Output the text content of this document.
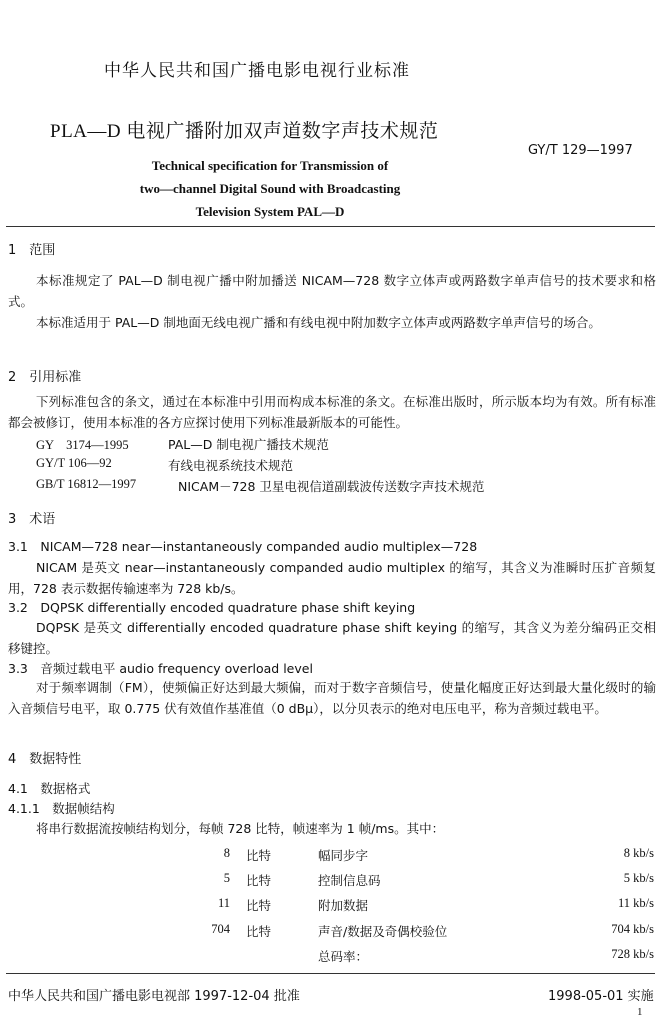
中华人民共和国广播电影电视行业标准
PLA—D 电视广播附加双声道数字声技术规范
GY/T 129—1997
Technical specification for Transmission of
two—channel Digital Sound with Broadcasting
Television System PAL—D
1　范围
本标准规定了 PAL—D 制电视广播中附加播送 NICAM—728 数字立体声或两路数字单声信号的技术要求和格式。
本标准适用于 PAL—D 制地面无线电视广播和有线电视中附加数字立体声或两路数字单声信号的场合。
2　引用标准
下列标准包含的条文，通过在本标准中引用而构成本标准的条文。在标准出版时，所示版本均为有效。所有标准都会被修订，使用本标准的各方应探讨使用下列标准最新版本的可能性。
GY　3174—1995	PAL—D 制电视广播技术规范
GY/T 106—92	有线电视系统技术规范
GB/T 16812—1997	NICAM－728 卫星电视信道副载波传送数字声技术规范
3　术语
3.1　NICAM—728 near—instantaneously companded audio multiplex—728
NICAM 是英文 near—instantaneously companded audio multiplex 的缩写，其含义为准瞬时压扩音频复用，728 表示数据传输速率为 728 kb/s。
3.2　DQPSK differentially encoded quadrature phase shift keying
DQPSK 是英文 differentially encoded quadrature phase shift keying 的缩写，其含义为差分编码正交相移键控。
3.3　音频过载电平 audio frequency overload level
对于频率调制（FM），使频偏正好达到最大频偏，而对于数字音频信号，使量化幅度正好达到最大量化级时的输入音频信号电平，取 0.775 伏有效值作基准值（0 dBμ），以分贝表示的绝对电压电平，称为音频过载电平。
4　数据特性
4.1　数据格式
4.1.1　数据帧结构
将串行数据流按帧结构划分，每帧 728 比特，帧速率为 1 帧/ms。其中：
8 比特	幅同步字	8 kb/s
5 比特	控制信息码	5 kb/s
11 比特	附加数据	11 kb/s
704 比特	声音/数据及奇偶校验位	704 kb/s
总码率：	728 kb/s
中华人民共和国广播电影电视部 1997-12-04 批准	1998-05-01 实施
1
